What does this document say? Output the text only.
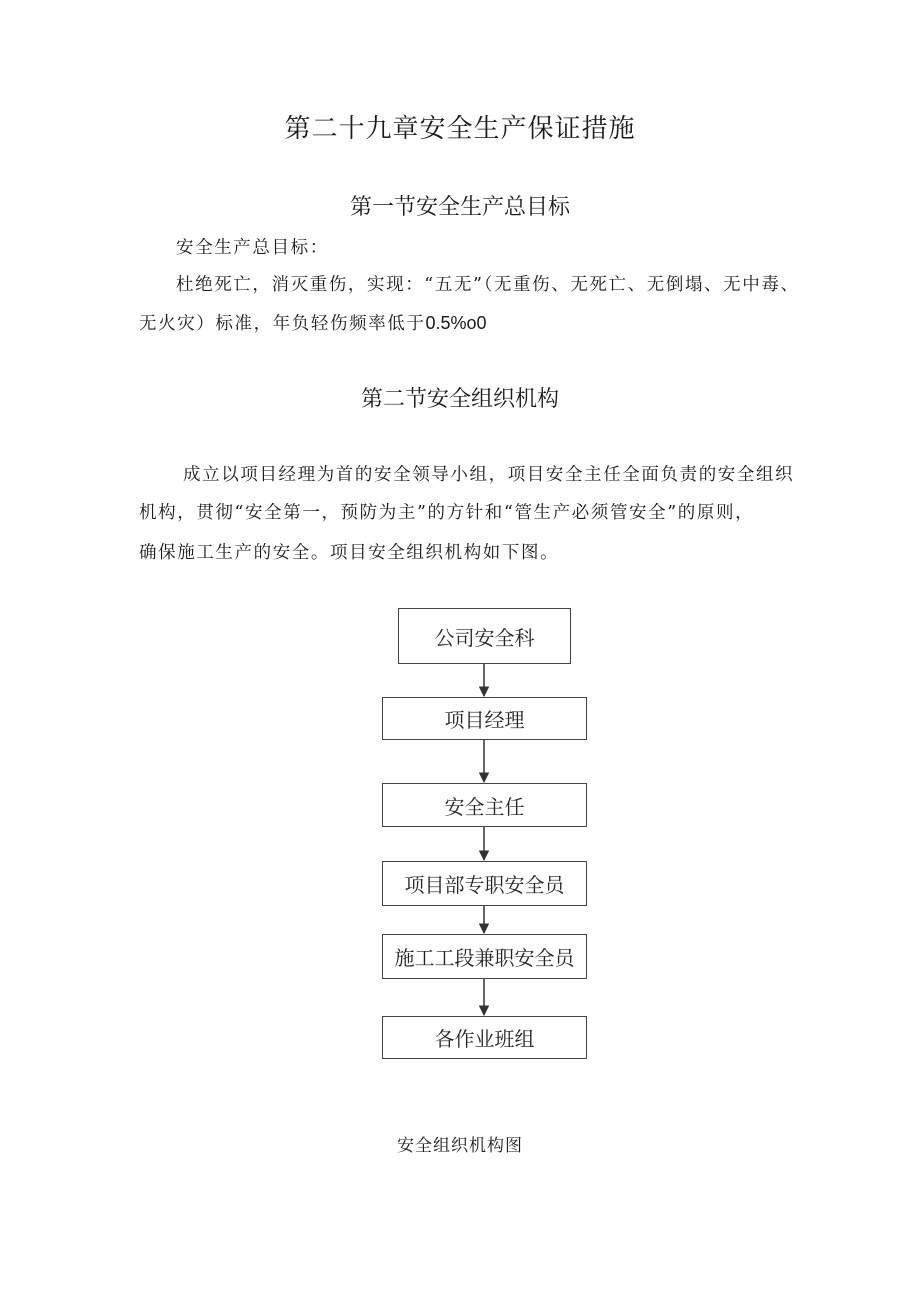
第二十九章安全生产保证措施
第一节安全生产总目标
安全生产总目标：
杜绝死亡，消灭重伤，实现：“五无”（无重伤、无死亡、无倒塌、无中毒、
无火灾）标准，年负轻伤频率低于0.5%o0
第二节安全组织机构
成立以项目经理为首的安全领导小组，项目安全主任全面负责的安全组织
机构，贯彻“安全第一，预防为主”的方针和“管生产必须管安全”的原则，
确保施工生产的安全。项目安全组织机构如下图。
公司安全科
项目经理
安全主任
项目部专职安全员
施工工段兼职安全员
各作业班组
安全组织机构图
